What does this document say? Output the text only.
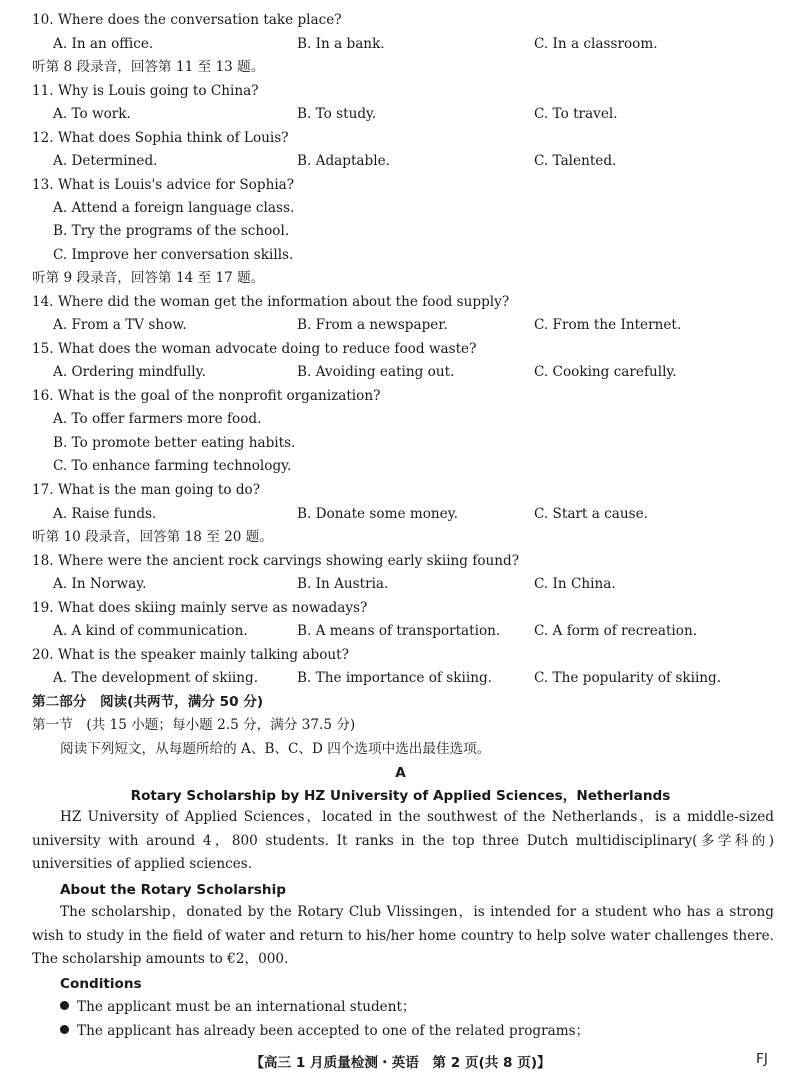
10. Where does the conversation take place?
A. In an office.	B. In a bank.	C. In a classroom.
听第 8 段录音，回答第 11 至 13 题。
11. Why is Louis going to China?
A. To work.	B. To study.	C. To travel.
12. What does Sophia think of Louis?
A. Determined.	B. Adaptable.	C. Talented.
13. What is Louis's advice for Sophia?
A. Attend a foreign language class.
B. Try the programs of the school.
C. Improve her conversation skills.
听第 9 段录音，回答第 14 至 17 题。
14. Where did the woman get the information about the food supply?
A. From a TV show.	B. From a newspaper.	C. From the Internet.
15. What does the woman advocate doing to reduce food waste?
A. Ordering mindfully.	B. Avoiding eating out.	C. Cooking carefully.
16. What is the goal of the nonprofit organization?
A. To offer farmers more food.
B. To promote better eating habits.
C. To enhance farming technology.
17. What is the man going to do?
A. Raise funds.	B. Donate some money.	C. Start a cause.
听第 10 段录音，回答第 18 至 20 题。
18. Where were the ancient rock carvings showing early skiing found?
A. In Norway.	B. In Austria.	C. In China.
19. What does skiing mainly serve as nowadays?
A. A kind of communication.	B. A means of transportation. C. A form of recreation.
20. What is the speaker mainly talking about?
A. The development of skiing.	B. The importance of skiing.	C. The popularity of skiing.
第二部分　阅读(共两节，满分 50 分)
第一节　(共 15 小题；每小题 2.5 分，满分 37.5 分)
阅读下列短文，从每题所给的 A、B、C、D 四个选项中选出最佳选项。
A
Rotary Scholarship by HZ University of Applied Sciences，Netherlands
HZ University of Applied Sciences，located in the southwest of the Netherlands，is a middle-sized university with around 4，800 students. It ranks in the top three Dutch multidisciplinary(多学科的) universities of applied sciences.
About the Rotary Scholarship
The scholarship，donated by the Rotary Club Vlissingen，is intended for a student who has a strong wish to study in the field of water and return to his/her home country to help solve water challenges there. The scholarship amounts to €2，000.
Conditions
The applicant must be an international student；
The applicant has already been accepted to one of the related programs；
【高三 1 月质量检测・英语　第 2 页(共 8 页)】	FJ
